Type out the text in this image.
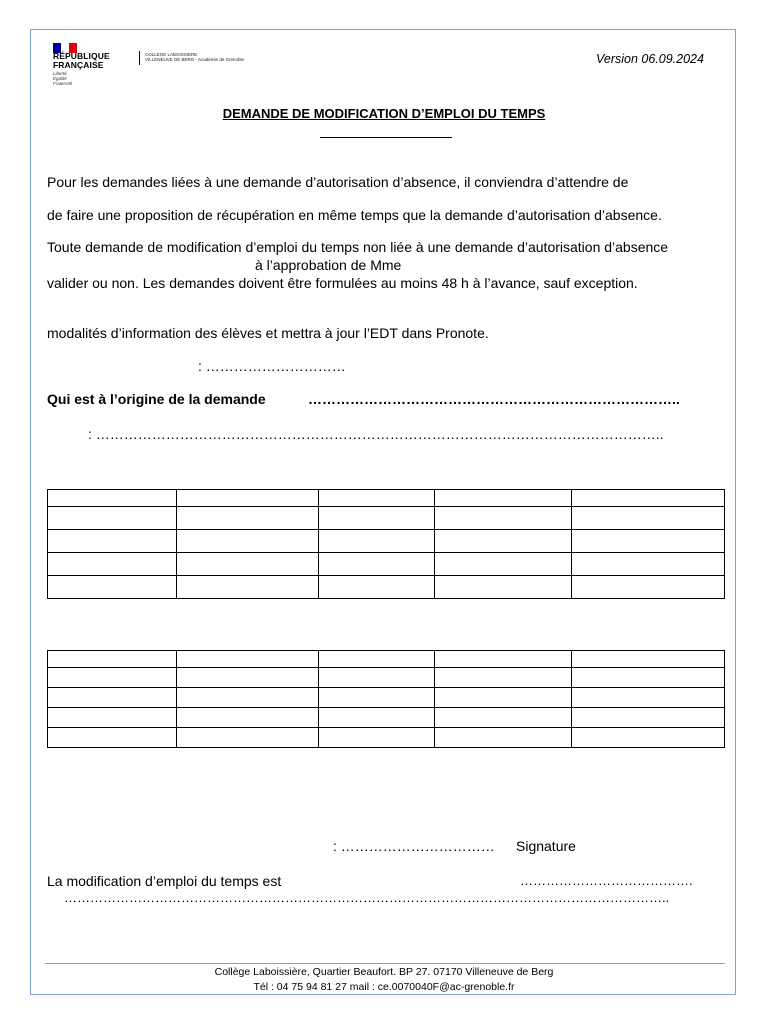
RÉPUBLIQUE
FRANÇAISE
Liberté
Égalité
Fraternité
COLLEGE LABOISSIERE
VILLENEUVE DE BERG - Académie de Grenoble	Version 06.09.2024
DEMANDE DE MODIFICATION D’EMPLOI DU TEMPS
Pour les demandes liées à une demande d’autorisation d’absence, il conviendra d’attendre de
de faire une proposition de récupération en même temps que la demande d’autorisation d’absence.
Toute demande de modification d’emploi du temps non liée à une demande d’autorisation d’absence
à l’approbation de Mme
valider ou non. Les demandes doivent être formulées au moins 48 h à l’avance, sauf exception.
modalités d’information des élèves et mettra à jour l’EDT dans Pronote.
: …………………………
Qui est à l’origine de la demande	……………………………………………………………………..
: …………………………………………………………………………………………………………..

: …………………………… Signature
La modification d’emploi du temps est	………………………………….
…………………………………………………………………………………………………………………………..
Collège Laboissière, Quartier Beaufort. BP 27. 07170 Villeneuve de Berg
Tél : 04 75 94 81 27 mail : ce.0070040F@ac-grenoble.fr
